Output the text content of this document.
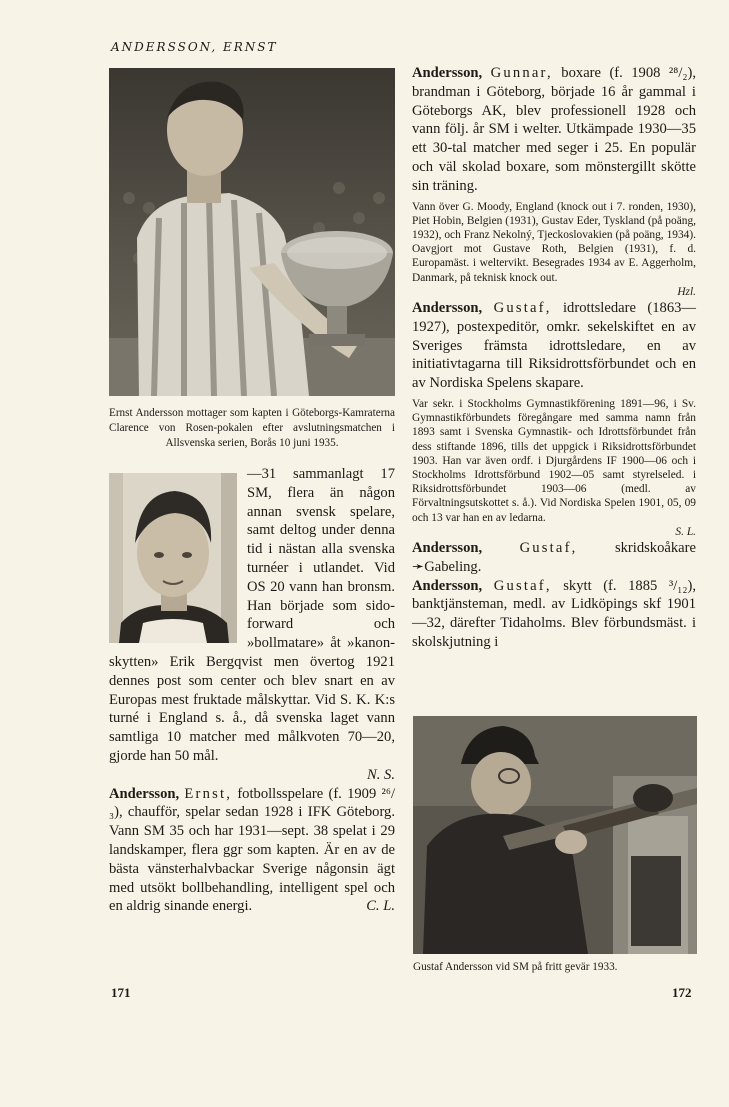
ANDERSSON, ERNST
Ernst Andersson mottager som kapten i Göteborgs-Kamraterna Clarence von Rosen-pokalen efter avslutningsmatchen i Allsvenska serien, Borås 10 juni 1935.
—31 sammanlagt 17 SM, flera än någon annan svensk spelare, samt deltog under denna tid i nästan alla svenska turnéer i utlandet. Vid OS 20 vann han bronsm. Han började som sido-forward och »bollmatare» åt »kanon-skytten» Erik Bergqvist men övertog 1921 dennes post som center och blev snart en av Europas mest fruktade målskyttar. Vid S. K. K:s turné i England s. å., då svenska laget vann samtliga 10 matcher med målkvoten 70—20, gjorde han 50 mål.
N. S.

Andersson, Ernst, fotbollsspelare (f. 1909 ²⁶/₃), chaufför, spelar sedan 1928 i IFK Göteborg. Vann SM 35 och har 1931—sept. 38 spelat i 29 landskamper, flera ggr som kapten. Är en av de bästa vänsterhalvbackar Sverige någonsin ägt med utsökt bollbehandling, intelligent spel och en aldrig sinande energi.	C. L.

171

Andersson, Gunnar, boxare (f. 1908 ²⁸/₂), brandman i Göteborg, började 16 år gammal i Göteborgs AK, blev professionell 1928 och vann följ. år SM i welter. Utkämpade 1930—35 ett 30-tal matcher med seger i 25. En populär och väl skolad boxare, som mönstergillt skötte sin träning.

Vann över G. Moody, England (knock out i 7. ronden, 1930), Piet Hobin, Belgien (1931), Gustav Eder, Tyskland (på poäng, 1932), och Franz Nekolný, Tjeckoslovakien (på poäng, 1934). Oavgjort mot Gustave Roth, Belgien (1931), f. d. Europamäst. i weltervikt. Besegrades 1934 av E. Aggerholm, Danmark, på teknisk knock out.
Hzl.

Andersson, Gustaf, idrottsledare (1863—1927), postexpeditör, omkr. sekelskiftet en av Sveriges främsta idrottsledare, en av initiativtagarna till Riksidrottsförbundet och en av Nordiska Spelens skapare.

Var sekr. i Stockholms Gymnastikförening 1891—96, i Sv. Gymnastikförbundets föregångare med samma namn från 1893 samt i Svenska Gymnastik- och Idrottsförbundet från dess stiftande 1896, tills det uppgick i Riksidrottsförbundet 1903. Han var även ordf. i Djurgårdens IF 1900—06 och i Stockholms Idrottsförbund 1902—05 samt styrelseled. i Riksidrottsförbundet 1903—06 (medl. av Förvaltningsutskottet s. å.). Vid Nordiska Spelen 1901, 05, 09 och 13 var han en av ledarna.
S. L.

Andersson,	Gustaf,	skridskoåkare ➛Gabeling.

Andersson, Gustaf, skytt (f. 1885 ³/₁₂), banktjänsteman, medl. av Lidköpings skf 1901—32, därefter Tidaholms. Blev förbundsmäst. i skolskjutning i

Gustaf Andersson vid SM på fritt gevär 1933.
172
